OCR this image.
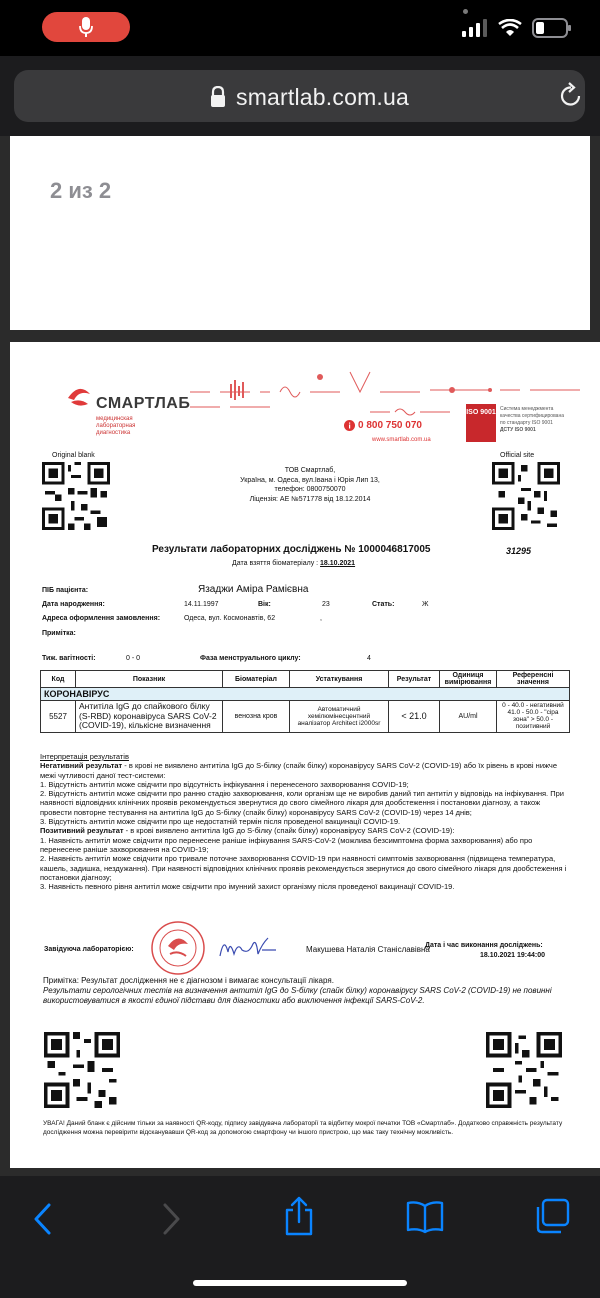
smartlab.com.ua
2 из 2
СМАРТЛАБ
медицинская лабораторная диагностика
0 800 750 070
www.smartlab.com.ua
ISO 9001 Система менеджмента качества сертифицирована по стандарту ISO 9001
ДСТУ ISO 9001
Original blank	Official site
ТОВ Смартлаб,
Україна, м. Одеса, вул.Івана і Юрія Лип 13,
телефон: 0800750070
Ліцензія: АЕ №571778 від 18.12.2014
Результати лабораторних досліджень № 1000046817005	31295
Дата взяття біоматеріалу : 18.10.2021
ПІБ пацієнта:	Язаджи Аміра Рамієвна
Дата народження:	14.11.1997	Вік:	23	Стать:	Ж
Адреса оформлення замовлення:	Одеса, вул. Космонавтів, 62	,
Примітка:
Тиж. вагітності:	0 - 0	Фаза менструального циклу:	4
Код	Показник	Біоматеріал	Устаткування	Результат	Одиниця вимірювання	Референсні значення
КОРОНАВІРУС						
5527	Антитіла IgG до спайкового білку (S-RBD) коронавіруса SARS CoV-2 (COVID-19), кількісне визначення	венозна кров	Автоматичний хемілюмінесцентний аналізатор Architect i2000sr	< 21.0	AU/ml	0 - 40.0 - негативний 41.0 - 50.0 - "сіра зона" > 50.0 - позитивний
Інтерпретація результатів
Негативний результат - в крові не виявлено антитіла IgG до S-білку (спайк білку) коронавірусу SARS CoV-2 (COVID-19) або їх рівень в крові нижче межі чутливості даної тест-системи:
1. Відсутність антитіл може свідчити про відсутність інфікування і перенесеного захворювання COVID-19;
2. Відсутність антитіл може свідчити про ранню стадію захворювання, коли організм ще не виробив даний тип антитіл у відповідь на інфікування. При наявності відповідних клінічних проявів рекомендується звернутися до свого сімейного лікаря для дообстеження і постановки діагнозу, а також провести повторне тестування на антитіла IgG до S-білку (спайк білку) коронавірусу SARS CoV-2 (COVID-19) через 14 днів;
3. Відсутність антитіл може свідчити про ще недостатній термін після проведеної вакцинації COVID-19.
Позитивний результат - в крові виявлено антитіла IgG до S-білку (спайк білку) коронавірусу SARS CoV-2 (COVID-19):
1. Наявність антитіл може свідчити про перенесене раніше інфікування SARS-CoV-2 (можлива безсимптомна форма захворювання) або про перенесене раніше захворювання на COVID-19;
2. Наявність антитіл може свідчити про тривале поточне захворювання COVID-19 при наявності симптомів захворювання (підвищена температура, кашель, задишка, нездужання). При наявності відповідних клінічних проявів рекомендується звернутися до свого сімейного лікаря для дообстеження і постановки діагнозу;
3. Наявність певного рівня антитіл може свідчити про імунний захист організму після проведеної вакцинації COVID-19.
Завідуюча лабораторією:	Макушева Наталія Станіславівна
Дата і час виконання досліджень:
18.10.2021 19:44:00
Примітка: Результат дослідження не є діагнозом і вимагає консультації лікаря.
Результати серологічних тестів на визначення антитіл IgG до S-білку (спайк білку) коронавірусу SARS CoV-2 (COVID-19) не повинні використовуватися в якості єдиної підстави для діагностики або виключення інфекції SARS-CoV-2.
УВАГА! Даний бланк є дійсним тільки за наявності QR-коду, підпису завідувача лабораторії та відбитку мокрої печатки ТОВ «Смартлаб». Додатково справжність результату дослідження можна перевірити відсканувавши QR-код за допомогою смартфону чи іншого пристрою, що має таку технічну можливість.
